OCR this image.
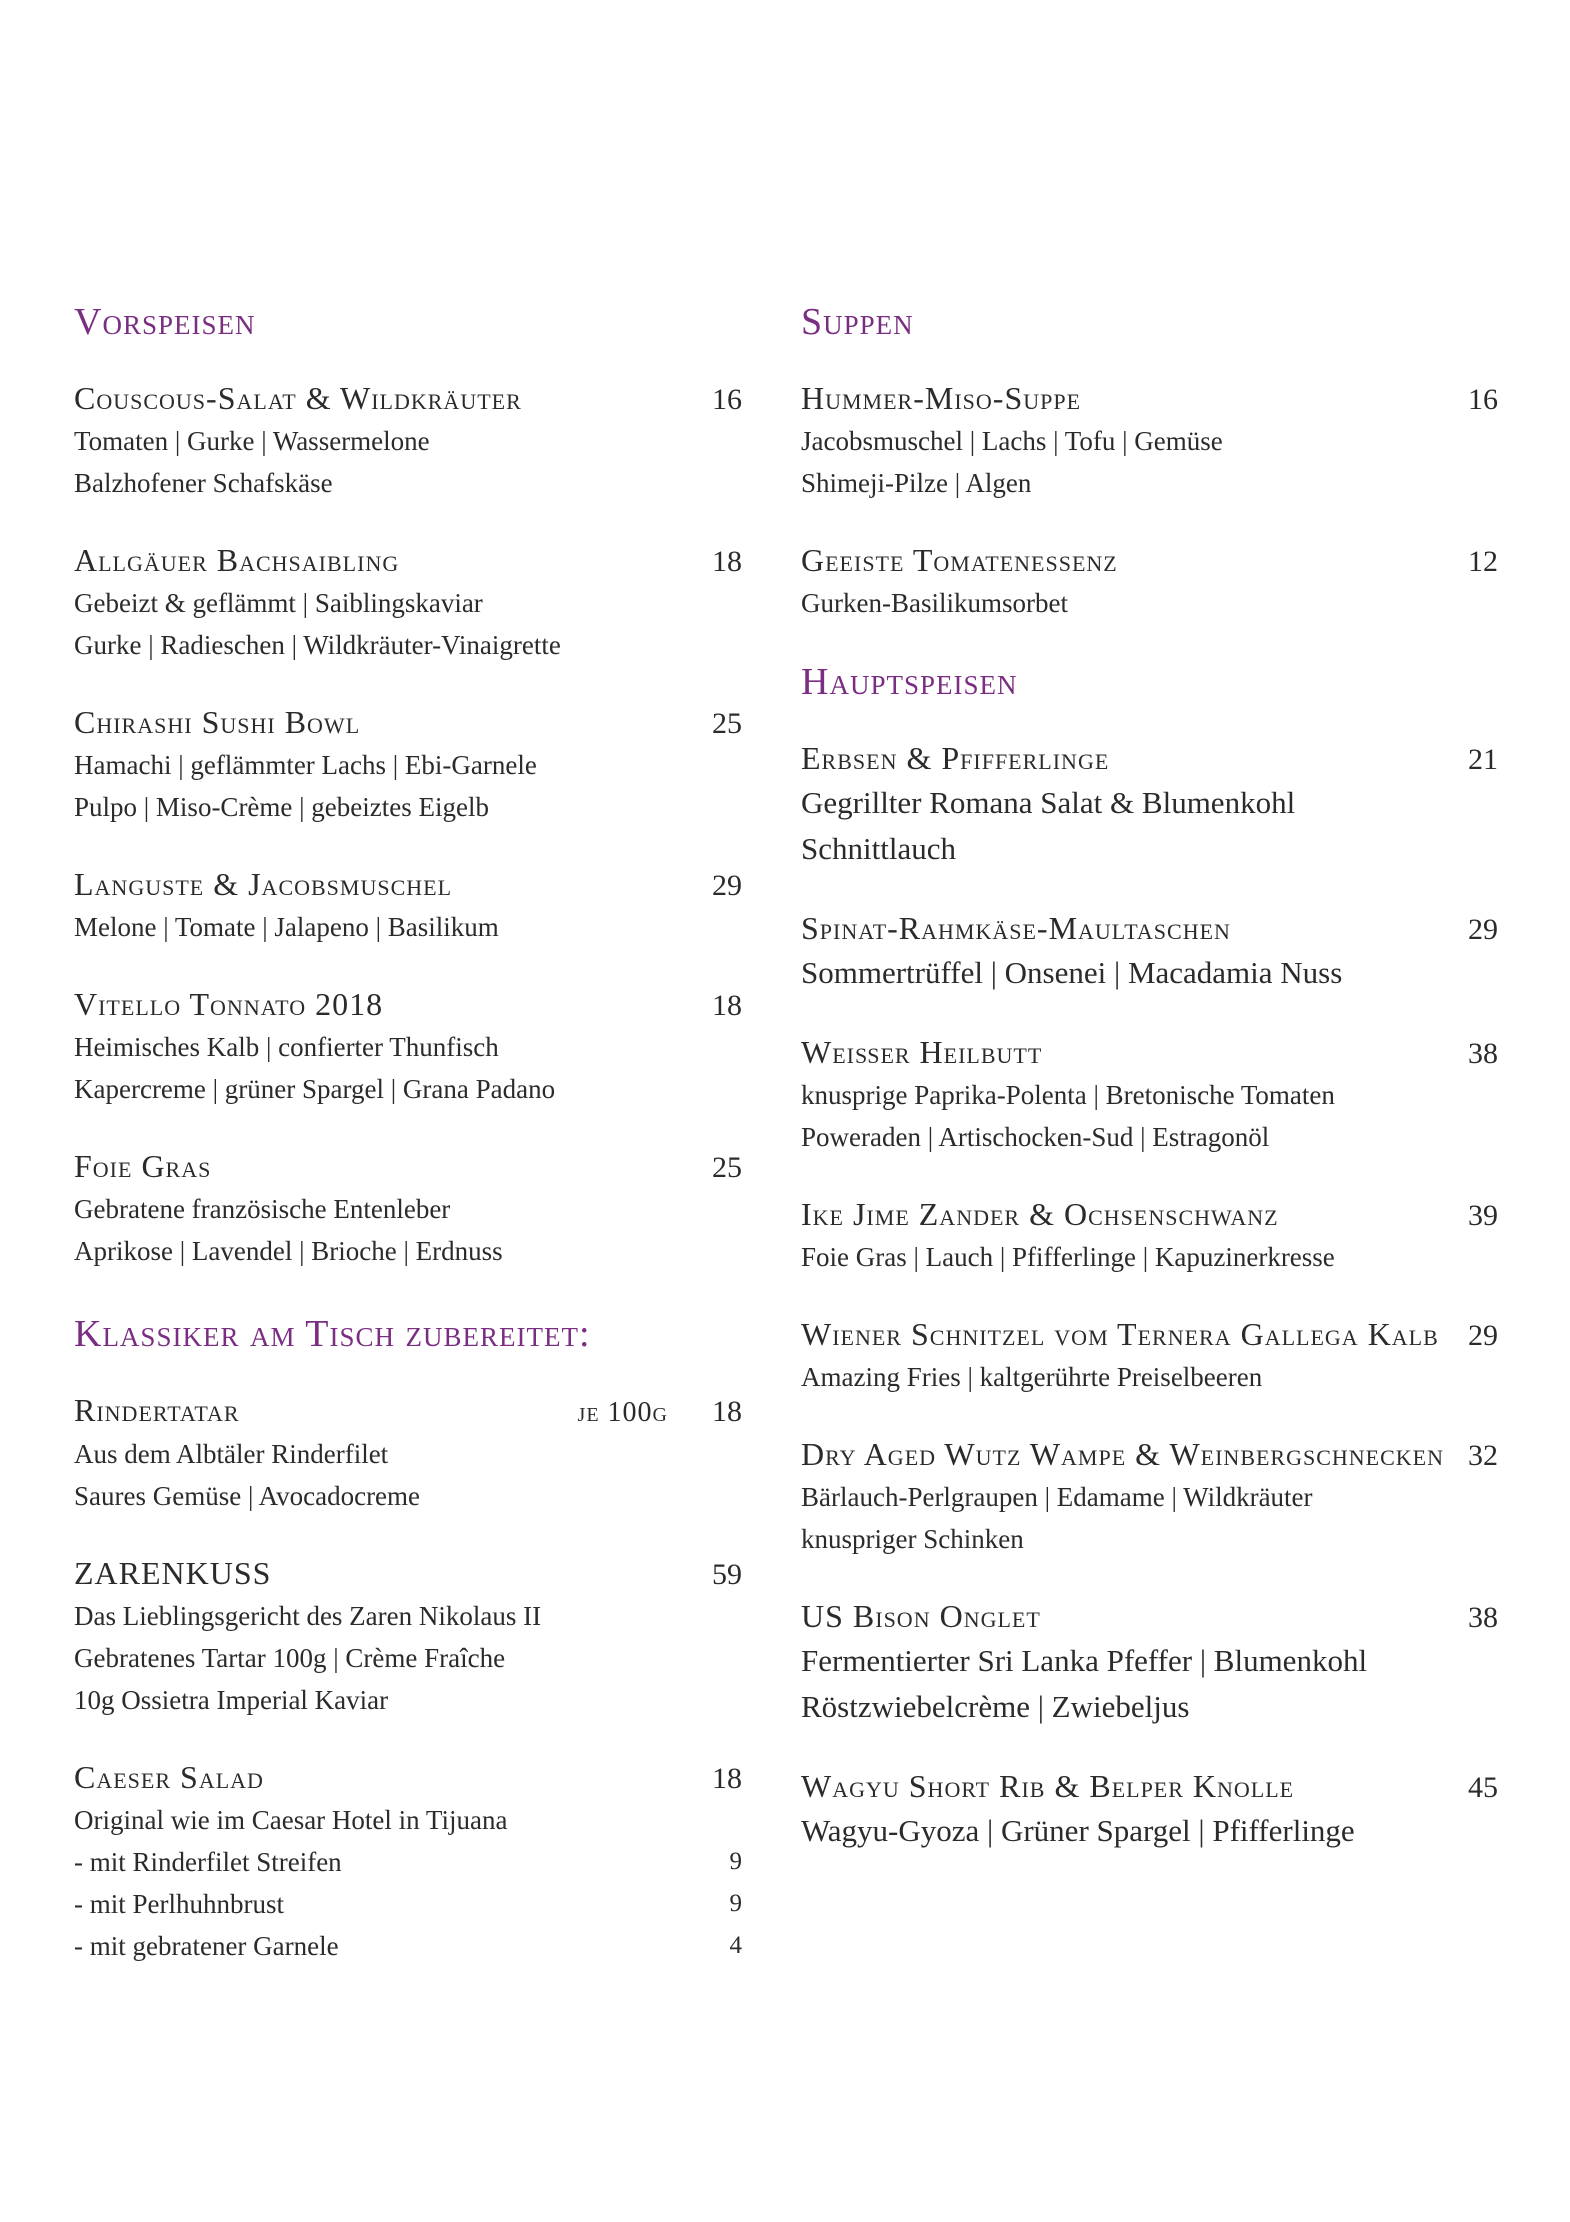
Vorspeisen
Couscous-Salat & Wildkräuter	16
Tomaten | Gurke | Wassermelone
Balzhofener Schafskäse
Allgäuer Bachsaibling	18
Gebeizt & geflämmt | Saiblingskaviar
Gurke | Radieschen | Wildkräuter-Vinaigrette
Chirashi Sushi Bowl	25
Hamachi | geflämmter Lachs | Ebi-Garnele
Pulpo | Miso-Crème | gebeiztes Eigelb
Languste & Jacobsmuschel	29
Melone | Tomate | Jalapeno | Basilikum
Vitello Tonnato 2018	18
Heimisches Kalb | confierter Thunfisch
Kapercreme | grüner Spargel | Grana Padano
Foie Gras	25
Gebratene französische Entenleber
Aprikose | Lavendel | Brioche | Erdnuss
Klassiker am Tisch zubereitet:
Rindertatar	je 100g	18
Aus dem Albtäler Rinderfilet
Saures Gemüse | Avocadocreme
ZARENKUSS	59
Das Lieblingsgericht des Zaren Nikolaus II
Gebratenes Tartar 100g | Crème Fraîche
10g Ossietra Imperial Kaviar
Caeser Salad	18
Original wie im Caesar Hotel in Tijuana
- mit Rinderfilet Streifen	9
- mit Perlhuhnbrust	9
- mit gebratener Garnele	4
Suppen
Hummer-Miso-Suppe	16
Jacobsmuschel | Lachs | Tofu | Gemüse
Shimeji-Pilze | Algen
Geeiste Tomatenessenz	12
Gurken-Basilikumsorbet
Hauptspeisen
Erbsen & Pfifferlinge	21
Gegrillter Romana Salat & Blumenkohl
Schnittlauch
Spinat-Rahmkäse-Maultaschen	29
Sommertrüffel | Onsenei | Macadamia Nuss
Weißer Heilbutt	38
knusprige Paprika-Polenta | Bretonische Tomaten
Poweraden | Artischocken-Sud | Estragonöl
Ike Jime Zander & Ochsenschwanz	39
Foie Gras | Lauch | Pfifferlinge | Kapuzinerkresse
Wiener Schnitzel vom Ternera Gallega Kalb 29
Amazing Fries | kaltgerührte Preiselbeeren
Dry Aged Wutz Wampe & Weinbergschnecken 32
Bärlauch-Perlgraupen | Edamame | Wildkräuter
knuspriger Schinken
US Bison Onglet	38
Fermentierter Sri Lanka Pfeffer | Blumenkohl
Röstzwiebelcrème | Zwiebeljus
Wagyu Short Rib & Belper Knolle	45
Wagyu-Gyoza | Grüner Spargel | Pfifferlinge
